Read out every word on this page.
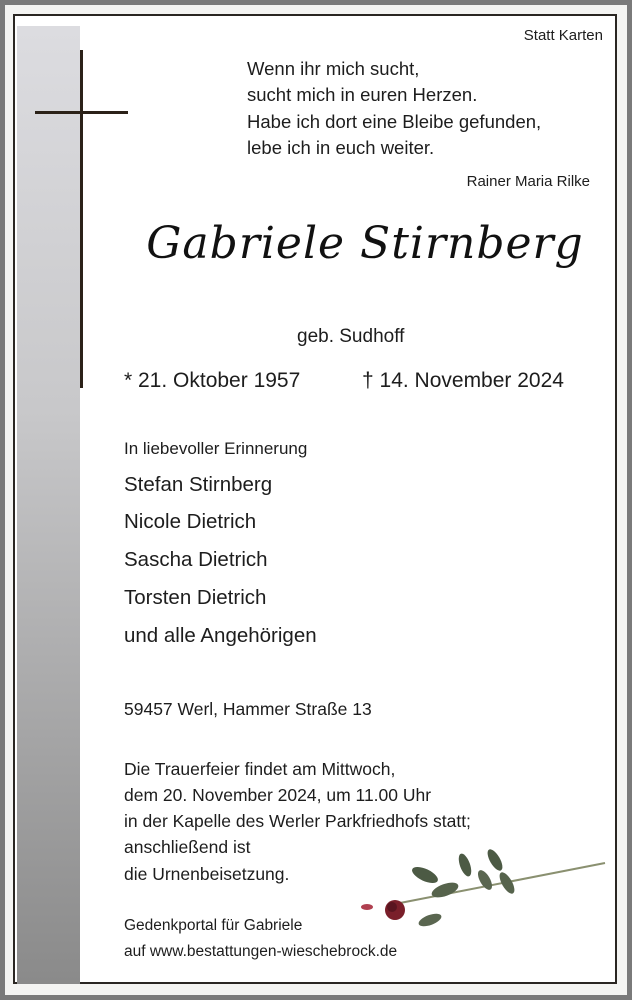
Statt Karten
Wenn ihr mich sucht,
sucht mich in euren Herzen.
Habe ich dort eine Bleibe gefunden,
lebe ich in euch weiter.
Rainer Maria Rilke
Gabriele Stirnberg
geb. Sudhoff
* 21. Oktober 1957	† 14. November 2024
In liebevoller Erinnerung
Stefan Stirnberg
Nicole Dietrich
Sascha Dietrich
Torsten Dietrich
und alle Angehörigen
59457 Werl, Hammer Straße 13
Die Trauerfeier findet am Mittwoch,
dem 20. November 2024, um 11.00 Uhr
in der Kapelle des Werler Parkfriedhofs statt;
anschließend ist
die Urnenbeisetzung.
Gedenkportal für Gabriele
auf www.bestattungen-wieschebrock.de
